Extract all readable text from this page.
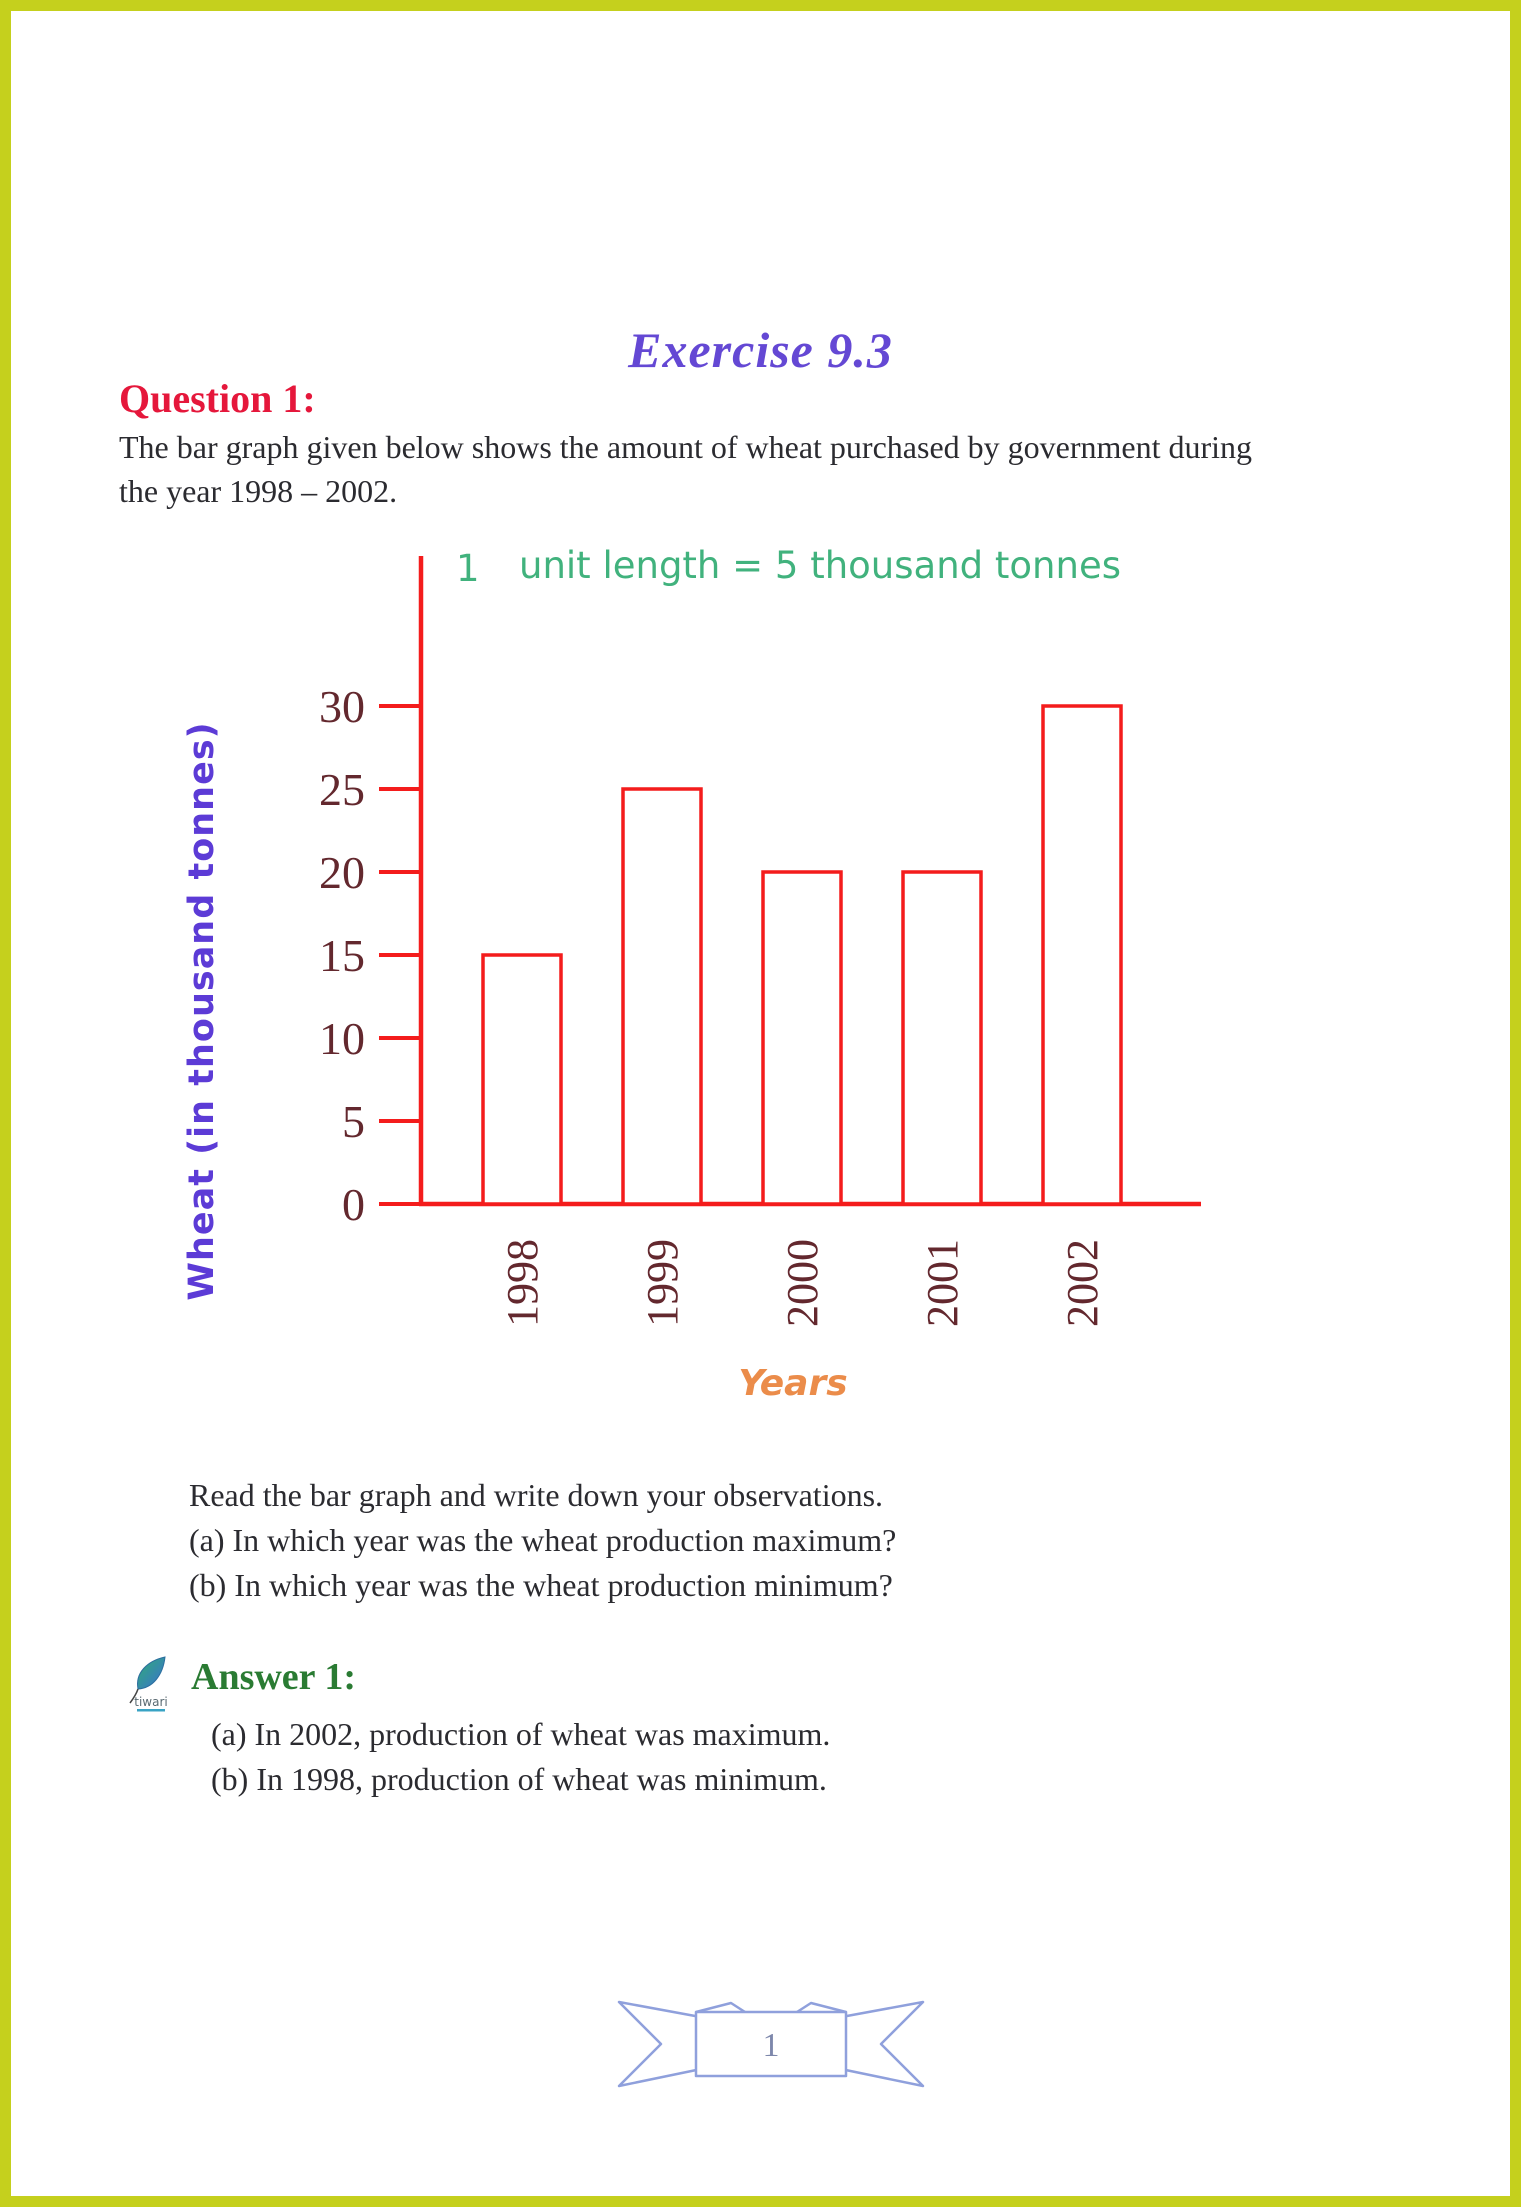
Exercise 9.3
Question 1:
The bar graph given below shows the amount of wheat purchased by government during
the year 1998 – 2002.
1 unit length = 5 thousand tonnes
0
5
10
15
20
25
30
1998 1999 2000 2001 2002
Wheat (in thousand tonnes)
Years
Read the bar graph and write down your observations.
(a) In which year was the wheat production maximum?
(b) In which year was the wheat production minimum?
tiwari
Answer 1:
(a) In 2002, production of wheat was maximum.
(b) In 1998, production of wheat was minimum.
1
